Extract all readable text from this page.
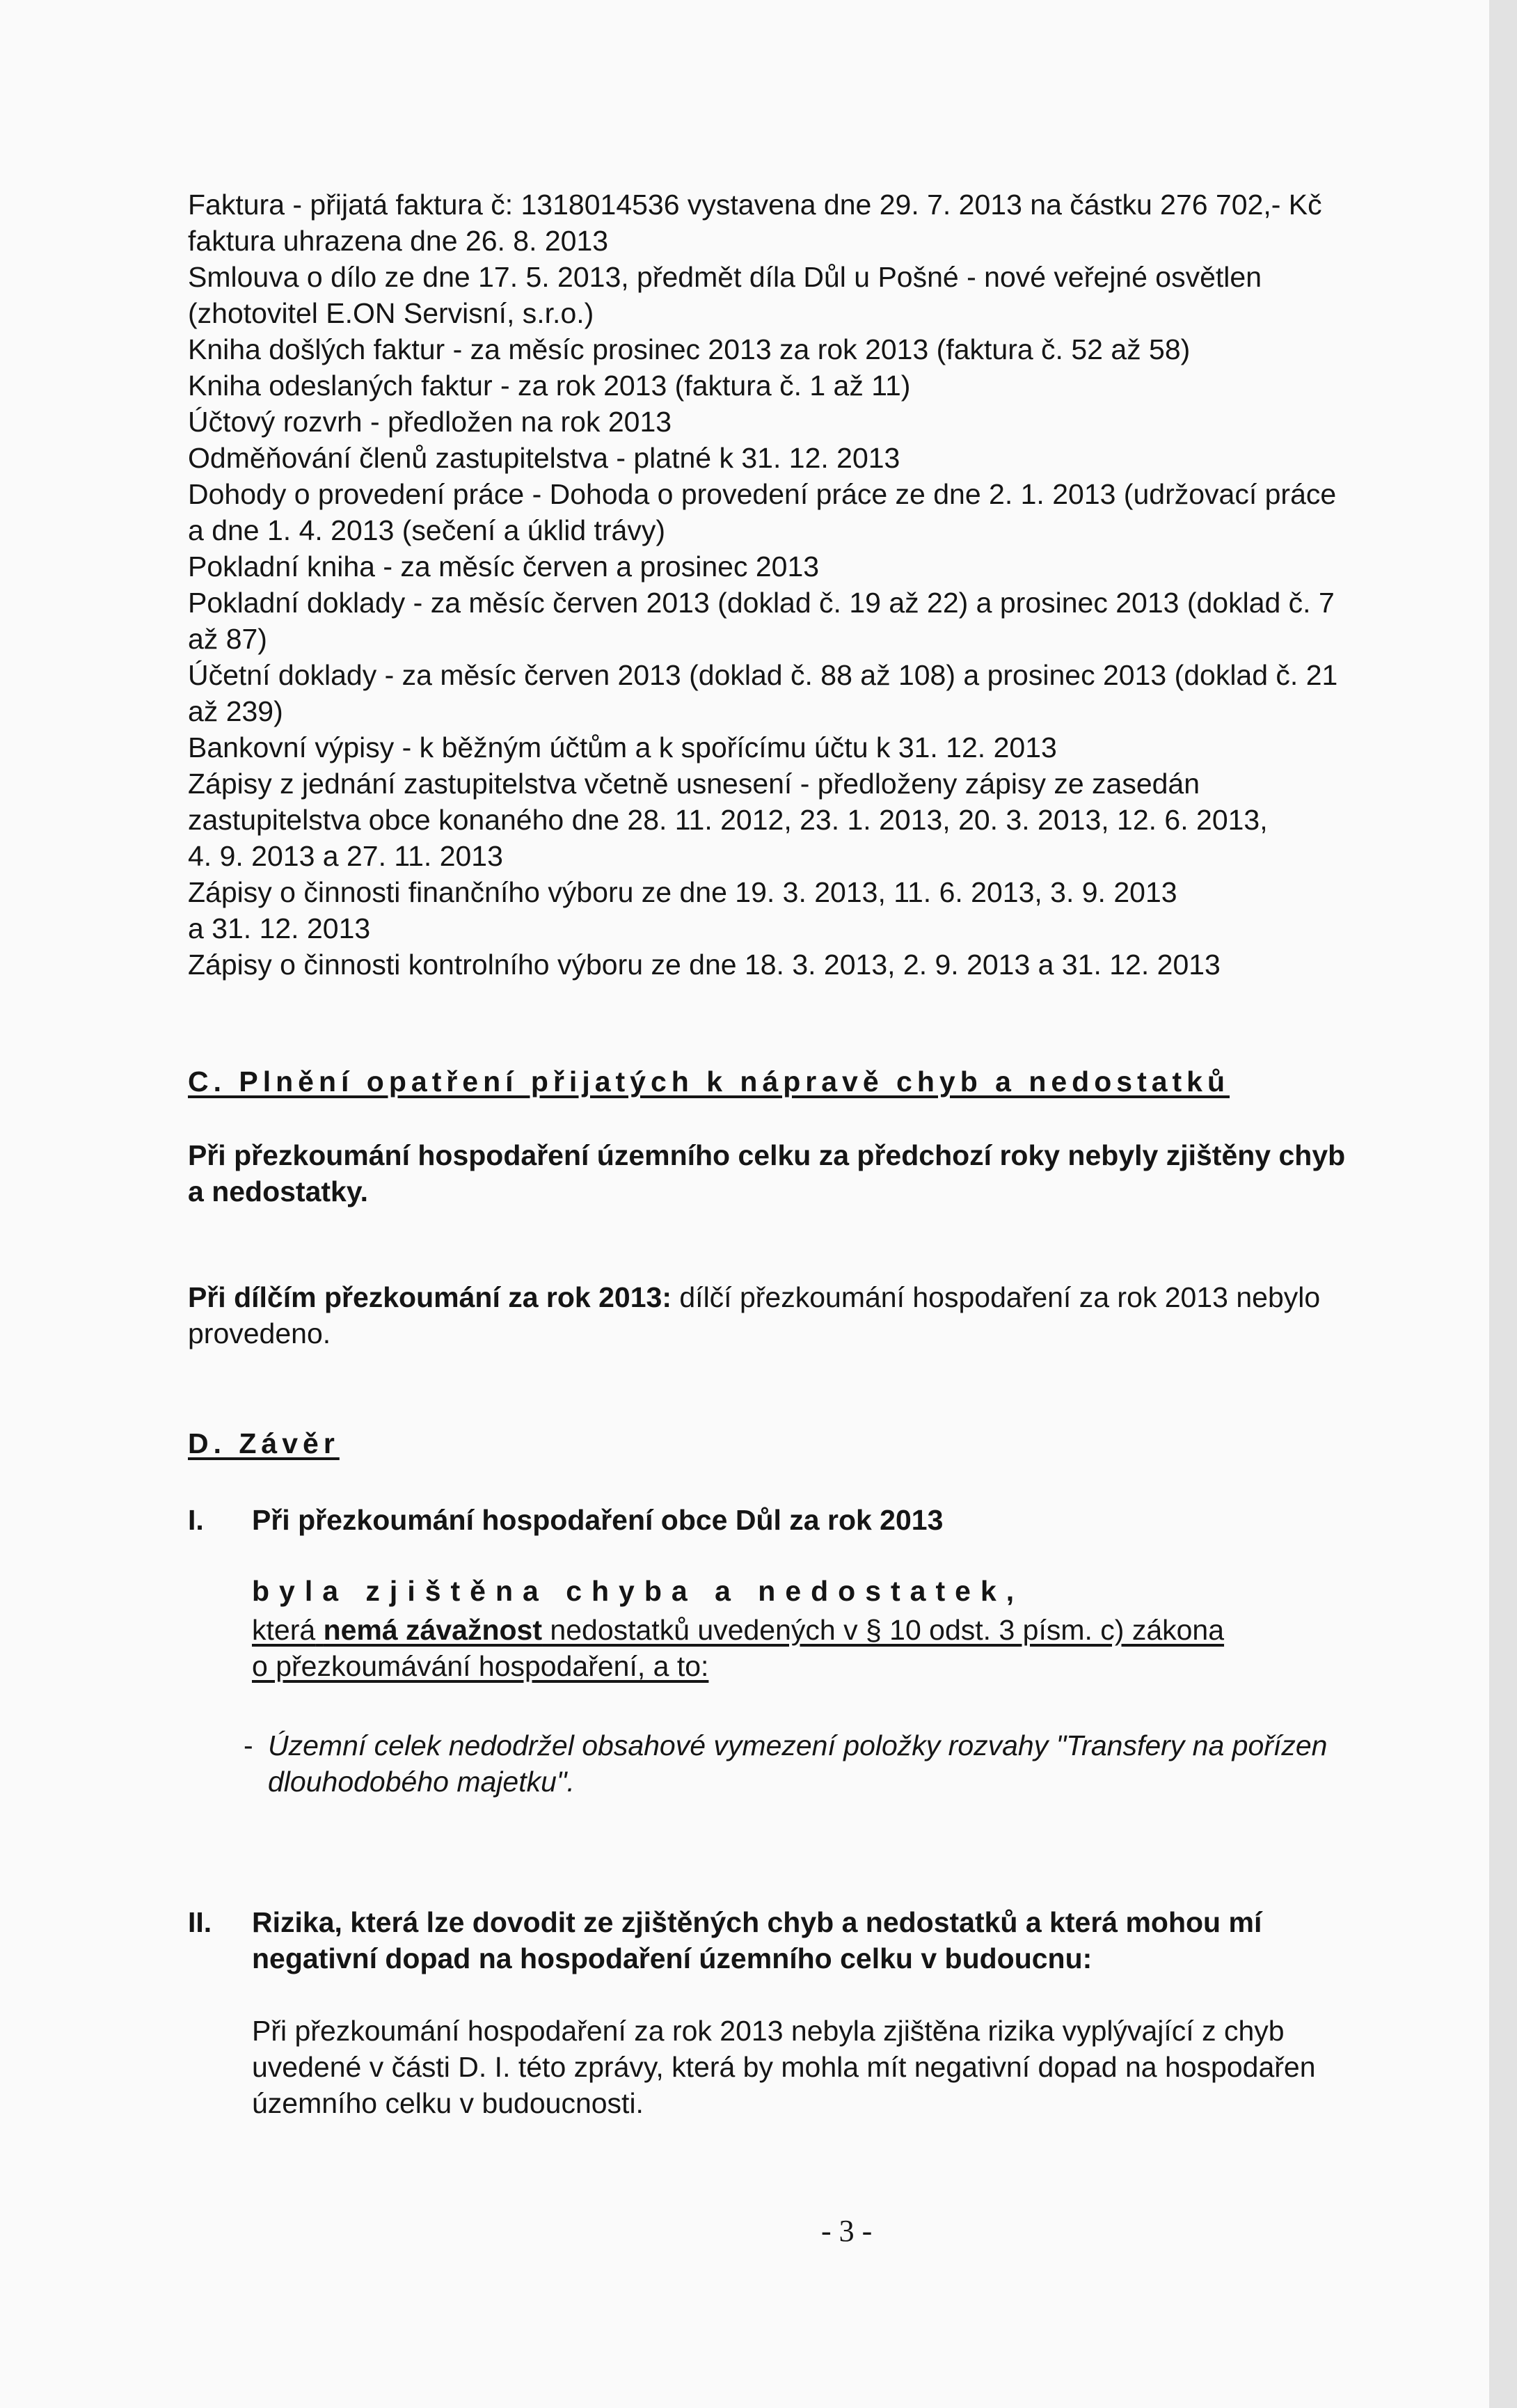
Faktura - přijatá faktura č: 1318014536 vystavena dne 29. 7. 2013 na částku 276 702,- Kč
faktura uhrazena dne 26. 8. 2013
Smlouva o dílo ze dne 17. 5. 2013, předmět díla Důl u Pošné - nové veřejné osvětlen
(zhotovitel E.ON Servisní, s.r.o.)
Kniha došlých faktur - za měsíc prosinec 2013 za rok 2013 (faktura č. 52 až 58)
Kniha odeslaných faktur - za rok 2013 (faktura č. 1 až 11)
Účtový rozvrh - předložen na rok 2013
Odměňování členů zastupitelstva - platné k 31. 12. 2013
Dohody o provedení práce - Dohoda o provedení práce ze dne 2. 1. 2013 (udržovací práce
a dne 1. 4. 2013 (sečení a úklid trávy)
Pokladní kniha - za měsíc červen a prosinec 2013
Pokladní doklady - za měsíc červen 2013 (doklad č. 19 až 22) a prosinec 2013 (doklad č. 7
až 87)
Účetní doklady - za měsíc červen 2013 (doklad č. 88 až 108) a prosinec 2013 (doklad č. 21
až 239)
Bankovní výpisy - k běžným účtům a k spořícímu účtu k 31. 12. 2013
Zápisy z jednání zastupitelstva včetně usnesení - předloženy zápisy ze zasedán
zastupitelstva obce konaného dne 28. 11. 2012, 23. 1. 2013, 20. 3. 2013, 12. 6. 2013,
4. 9. 2013 a 27. 11. 2013
Zápisy o činnosti finančního výboru ze dne 19. 3. 2013, 11. 6. 2013, 3. 9. 2013
a 31. 12. 2013
Zápisy o činnosti kontrolního výboru ze dne 18. 3. 2013, 2. 9. 2013 a 31. 12. 2013
C. Plnění opatření přijatých k nápravě chyb a nedostatků
Při přezkoumání hospodaření územního celku za předchozí roky nebyly zjištěny chyb
a nedostatky.
Při dílčím přezkoumání za rok 2013: dílčí přezkoumání hospodaření za rok 2013 nebylo
provedeno.
D. Závěr
I. Při přezkoumání hospodaření obce Důl za rok 2013
byla zjištěna chyba a nedostatek,
která nemá závažnost nedostatků uvedených v § 10 odst. 3 písm. c) zákona
o přezkoumávání hospodaření, a to:
- Územní celek nedodržel obsahové vymezení položky rozvahy "Transfery na pořízen
dlouhodobého majetku".
II. Rizika, která lze dovodit ze zjištěných chyb a nedostatků a která mohou mí
negativní dopad na hospodaření územního celku v budoucnu:
Při přezkoumání hospodaření za rok 2013 nebyla zjištěna rizika vyplývající z chyb
uvedené v části D. I. této zprávy, která by mohla mít negativní dopad na hospodařen
územního celku v budoucnosti.
- 3 -
